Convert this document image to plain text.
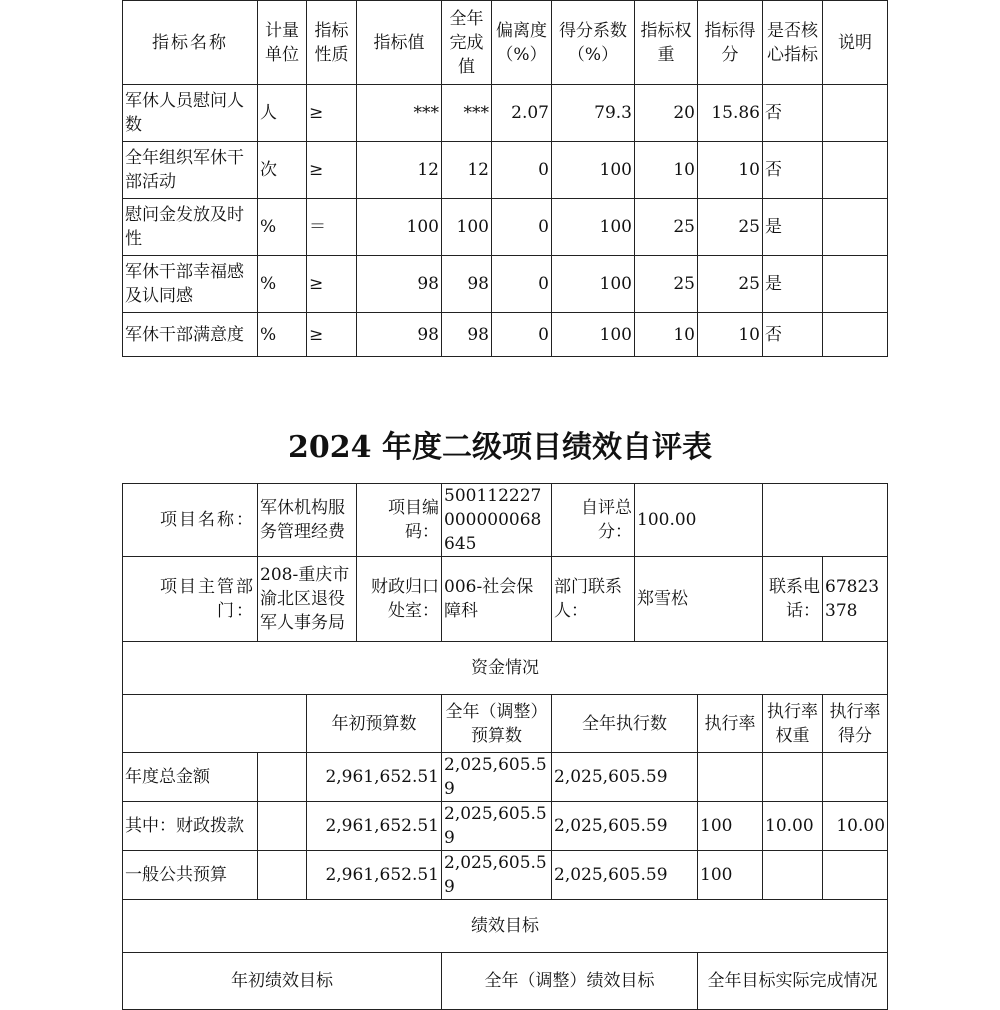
指标名称	计量单位	指标性质	指标值	全年完成值	偏离度（%）	得分系数（%）	指标权重	指标得分	是否核心指标	说明
军休人员慰问人数	人	≥	***	***	2.07	79.3	20	15.86	否	
全年组织军休干部活动	次	≥	12	12	0	100	10	10	否	
慰问金发放及时性	%	＝	100	100	0	100	25	25	是	
军休干部幸福感及认同感	%	≥	98	98	0	100	25	25	是	
军休干部满意度	%	≥	98	98	0	100	10	10	否	
2024 年度二级项目绩效自评表
项目名称：	军休机构服务管理经费		项目编码：	500112227000000068645	自评总分：	100.00			
项目主管部门：	208-重庆市渝北区退役军人事务局		财政归口处室：	006-社会保障科	部门联系人：	郑雪松		联系电话：	67823378
资金情况									
		年初预算数		全年（调整）预算数	全年执行数		执行率	执行率权重	执行率得分
年度总金额		2,961,652.51		2,025,605.59	2,025,605.59				
其中：财政拨款		2,961,652.51		2,025,605.59	2,025,605.59		100	10.00	10.00
一般公共预算		2,961,652.51		2,025,605.59	2,025,605.59		100		
绩效目标									
年初绩效目标				全年（调整）绩效目标			全年目标实际完成情况		
